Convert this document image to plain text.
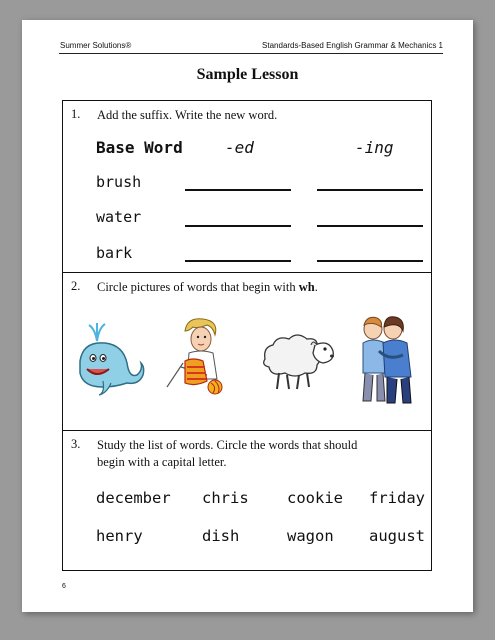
Summer Solutions®	Standards-Based English Grammar & Mechanics 1
Sample Lesson
1. Add the suffix. Write the new word.
Base Word	-ed	-ing
brush
water
bark
2. Circle pictures of words that begin with wh.
3. Study the list of words. Circle the words that should
begin with a capital letter.
december chris cookie friday
henry	dish	wagon august
6
